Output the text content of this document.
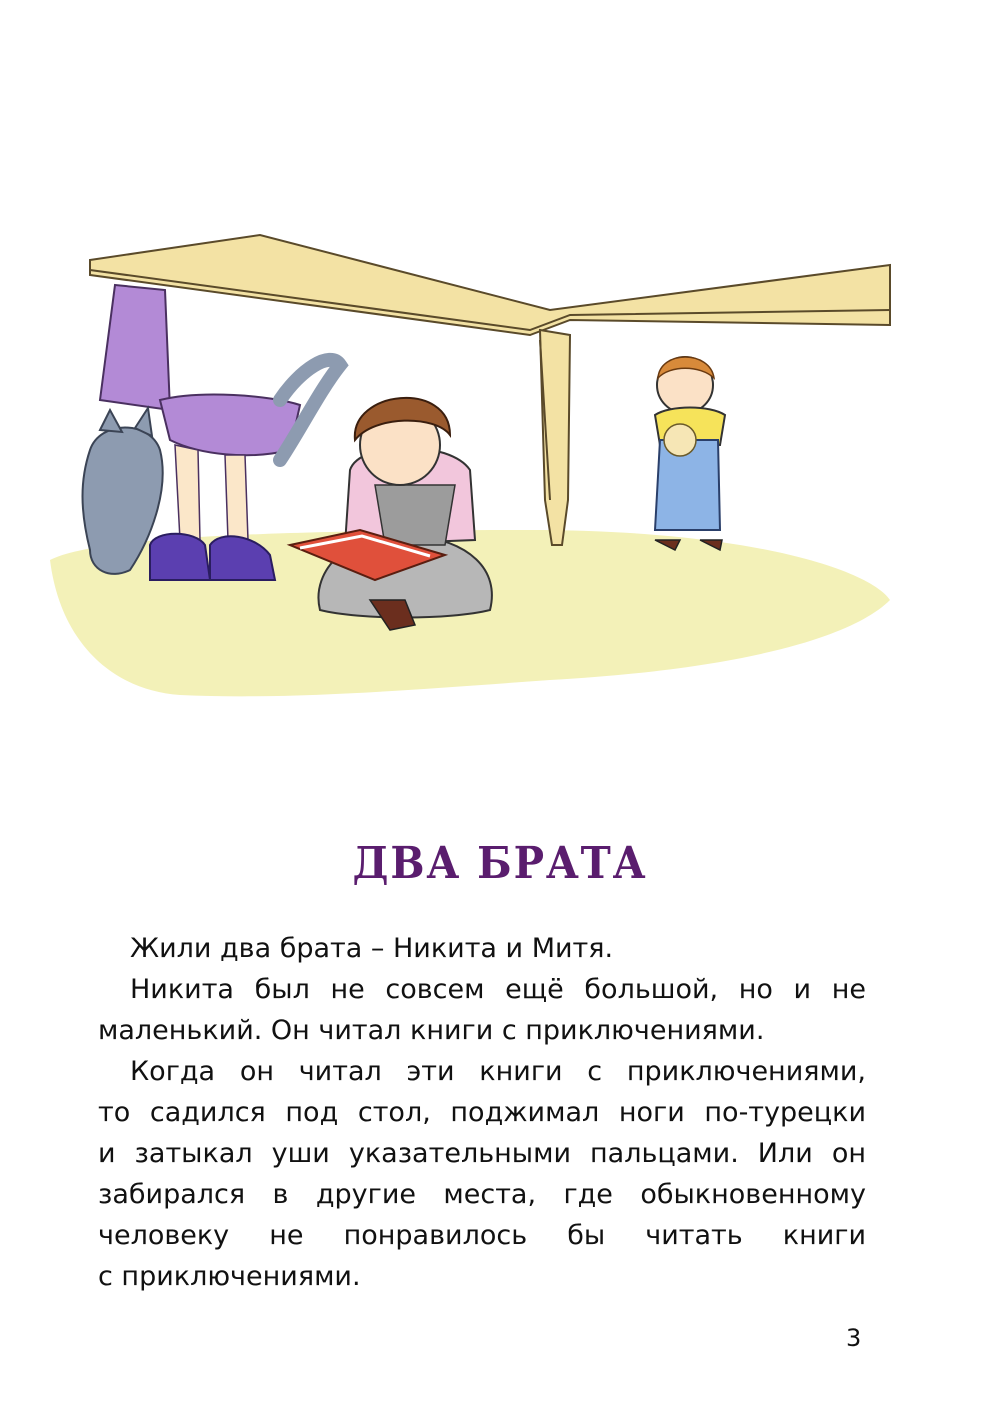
ДВА БРАТА

Жили два брата – Никита и Митя.

Никита был не совсем ещё большой, но и не
маленький. Он читал книги с приключениями.

Когда он читал эти книги с приключениями,
то садился под стол, поджимал ноги по-турецки
и затыкал уши указательными пальцами. Или он
забирался в другие места, где обыкновенному
человеку не понравилось бы читать книги
с приключениями.

3
